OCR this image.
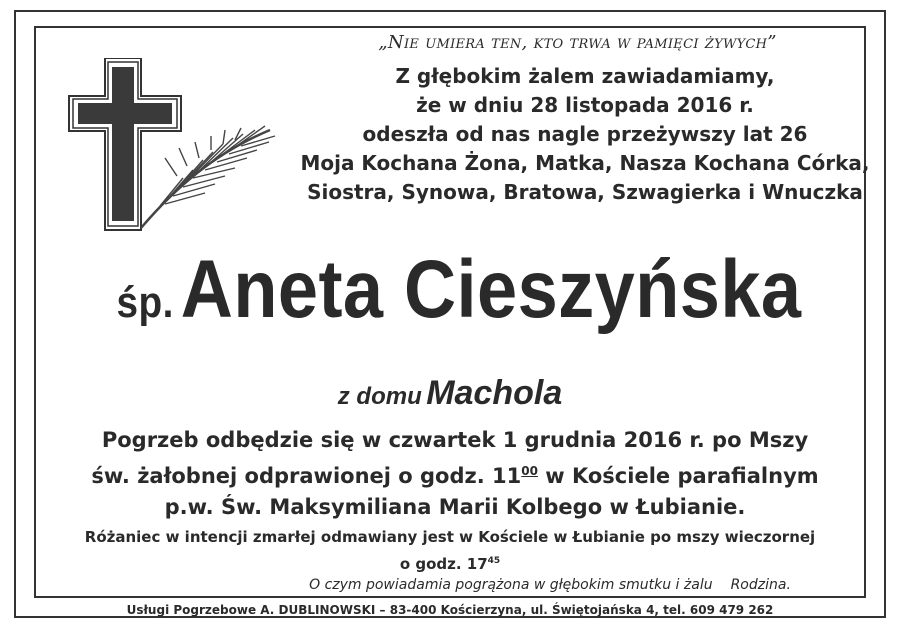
„Nie umiera ten, kto trwa w pamięci żywych”
Z głębokim żalem zawiadamiamy,
że w dniu 28 listopada 2016 r.
odeszła od nas nagle przeżywszy lat 26
Moja Kochana Żona, Matka, Nasza Kochana Córka,
Siostra, Synowa, Bratowa, Szwagierka i Wnuczka
śp.Aneta Cieszyńska
z domu Machola
Pogrzeb odbędzie się w czwartek 1 grudnia 2016 r. po Mszy
św. żałobnej odprawionej o godz. $11^{00}$ w Kościele parafialnym
p.w. Św. Maksymiliana Marii Kolbego w Łubianie.
Różaniec w intencji zmarłej odmawiany jest w Kościele w Łubianie po mszy wieczornej
o godz. $17^{45}$
O czym powiadamia pogrążona w głębokim smutku i żalu Rodzina.
Usługi Pogrzebowe A. DUBLINOWSKI – 83-400 Kościerzyna, ul. Świętojańska 4, tel. 609 479 262
